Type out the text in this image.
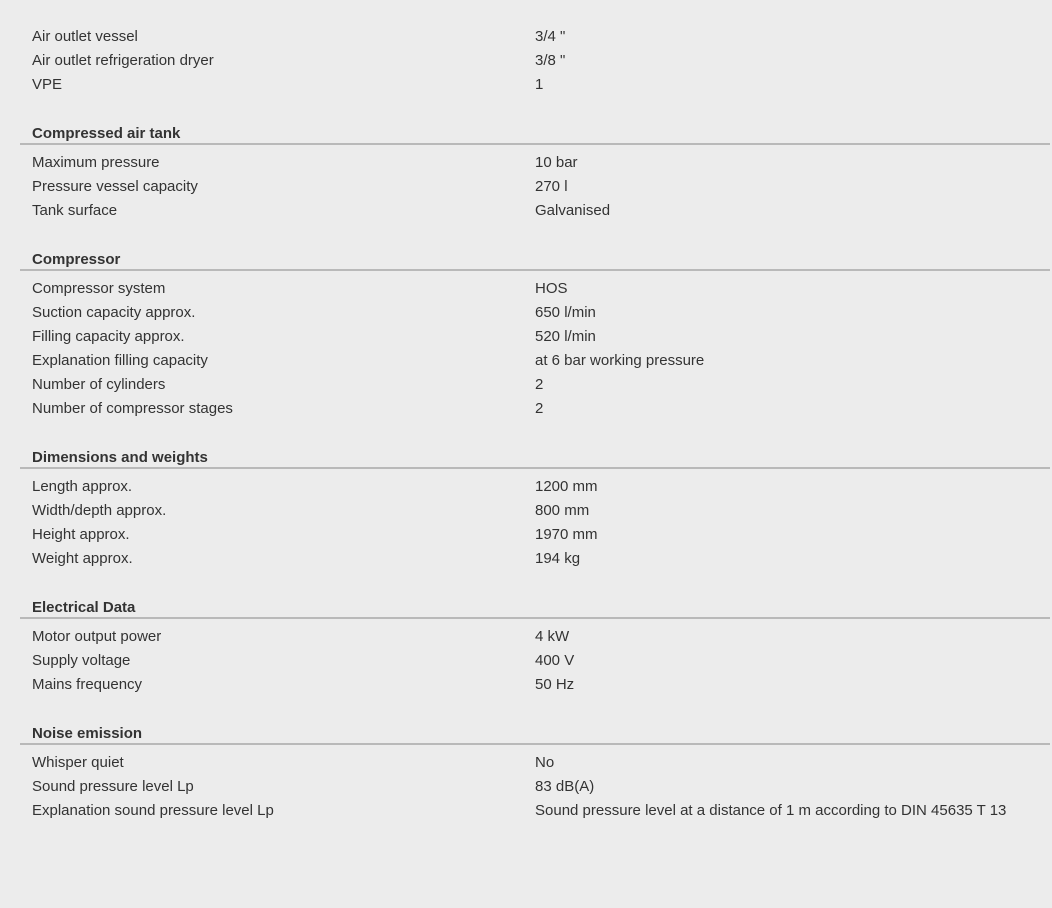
Air outlet vessel	3/4 "
Air outlet refrigeration dryer	3/8 "
VPE	1
Compressed air tank
Maximum pressure	10 bar
Pressure vessel capacity	270 l
Tank surface	Galvanised
Compressor
Compressor system	HOS
Suction capacity approx.	650 l/min
Filling capacity approx.	520 l/min
Explanation filling capacity	at 6 bar working pressure
Number of cylinders	2
Number of compressor stages	2
Dimensions and weights
Length approx.	1200 mm
Width/depth approx.	800 mm
Height approx.	1970 mm
Weight approx.	194 kg
Electrical Data
Motor output power	4 kW
Supply voltage	400 V
Mains frequency	50 Hz
Noise emission
Whisper quiet	No
Sound pressure level Lp	83 dB(A)
Explanation sound pressure level Lp	Sound pressure level at a distance of 1 m according to DIN 45635 T 13
